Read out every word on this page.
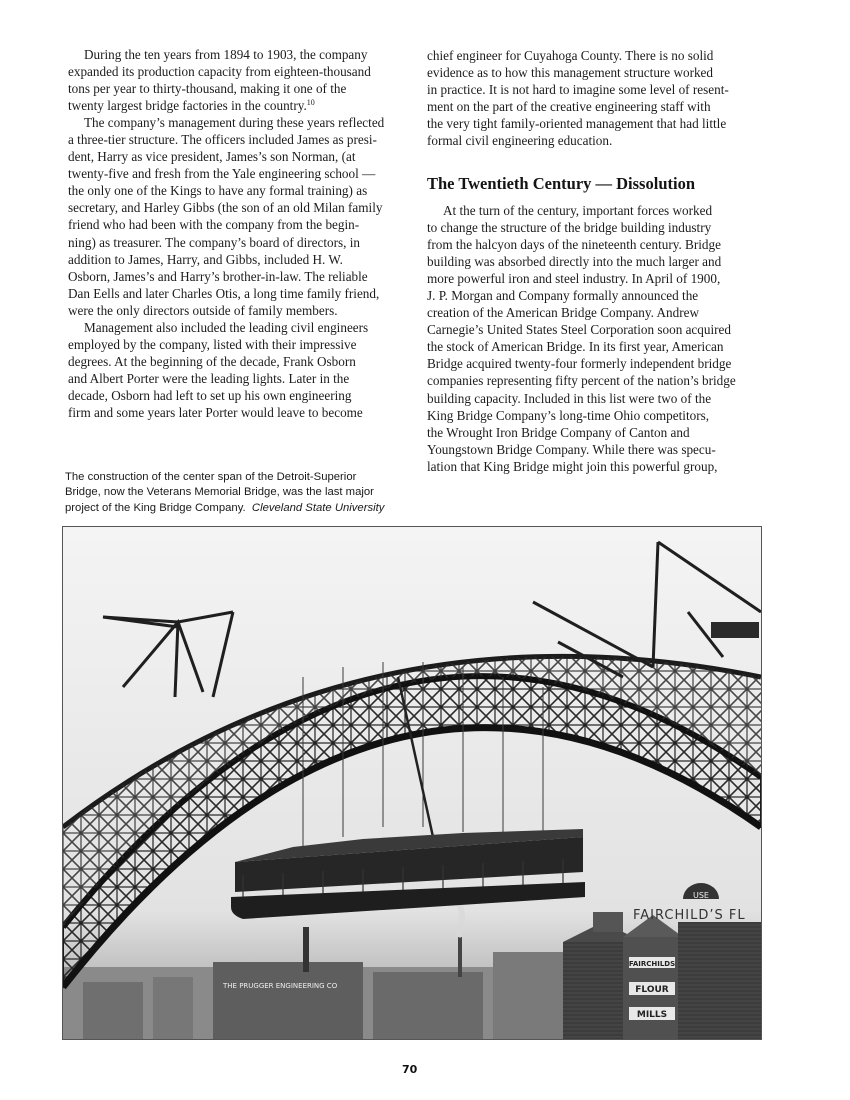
During the ten years from 1894 to 1903, the company
expanded its production capacity from eighteen-thousand
tons per year to thirty-thousand, making it one of the
twenty largest bridge factories in the country.$^{10}$
The company’s management during these years reflected
a three-tier structure. The officers included James as presi-
dent, Harry as vice president, James’s son Norman, (at
twenty-five and fresh from the Yale engineering school —
the only one of the Kings to have any formal training) as
secretary, and Harley Gibbs (the son of an old Milan family
friend who had been with the company from the begin-
ning) as treasurer. The company’s board of directors, in
addition to James, Harry, and Gibbs, included H. W.
Osborn, James’s and Harry’s brother-in-law. The reliable
Dan Eells and later Charles Otis, a long time family friend,
were the only directors outside of family members.
Management also included the leading civil engineers
employed by the company, listed with their impressive
degrees. At the beginning of the decade, Frank Osborn
and Albert Porter were the leading lights. Later in the
decade, Osborn had left to set up his own engineering
firm and some years later Porter would leave to become
chief engineer for Cuyahoga County. There is no solid
evidence as to how this management structure worked
in practice. It is not hard to imagine some level of resent-
ment on the part of the creative engineering staff with
the very tight family-oriented management that had little
formal civil engineering education.
The Twentieth Century — Dissolution
At the turn of the century, important forces worked
to change the structure of the bridge building industry
from the halcyon days of the nineteenth century. Bridge
building was absorbed directly into the much larger and
more powerful iron and steel industry. In April of 1900,
J. P. Morgan and Company formally announced the
creation of the American Bridge Company. Andrew
Carnegie’s United States Steel Corporation soon acquired
the stock of American Bridge. In its first year, American
Bridge acquired twenty-four formerly independent bridge
companies representing fifty percent of the nation’s bridge
building capacity. Included in this list were two of the
King Bridge Company’s long-time Ohio competitors,
the Wrought Iron Bridge Company of Canton and
Youngstown Bridge Company. While there was specu-
lation that King Bridge might join this powerful group,
The construction of the center span of the Detroit-Superior
Bridge, now the Veterans Memorial Bridge, was the last major
project of the King Bridge Company. Cleveland State University
THE PRUGGER ENGINEERING CO
FAIRCHILDS
FLOUR
MILLS
USE
FAIRCHILD’S FL
70
